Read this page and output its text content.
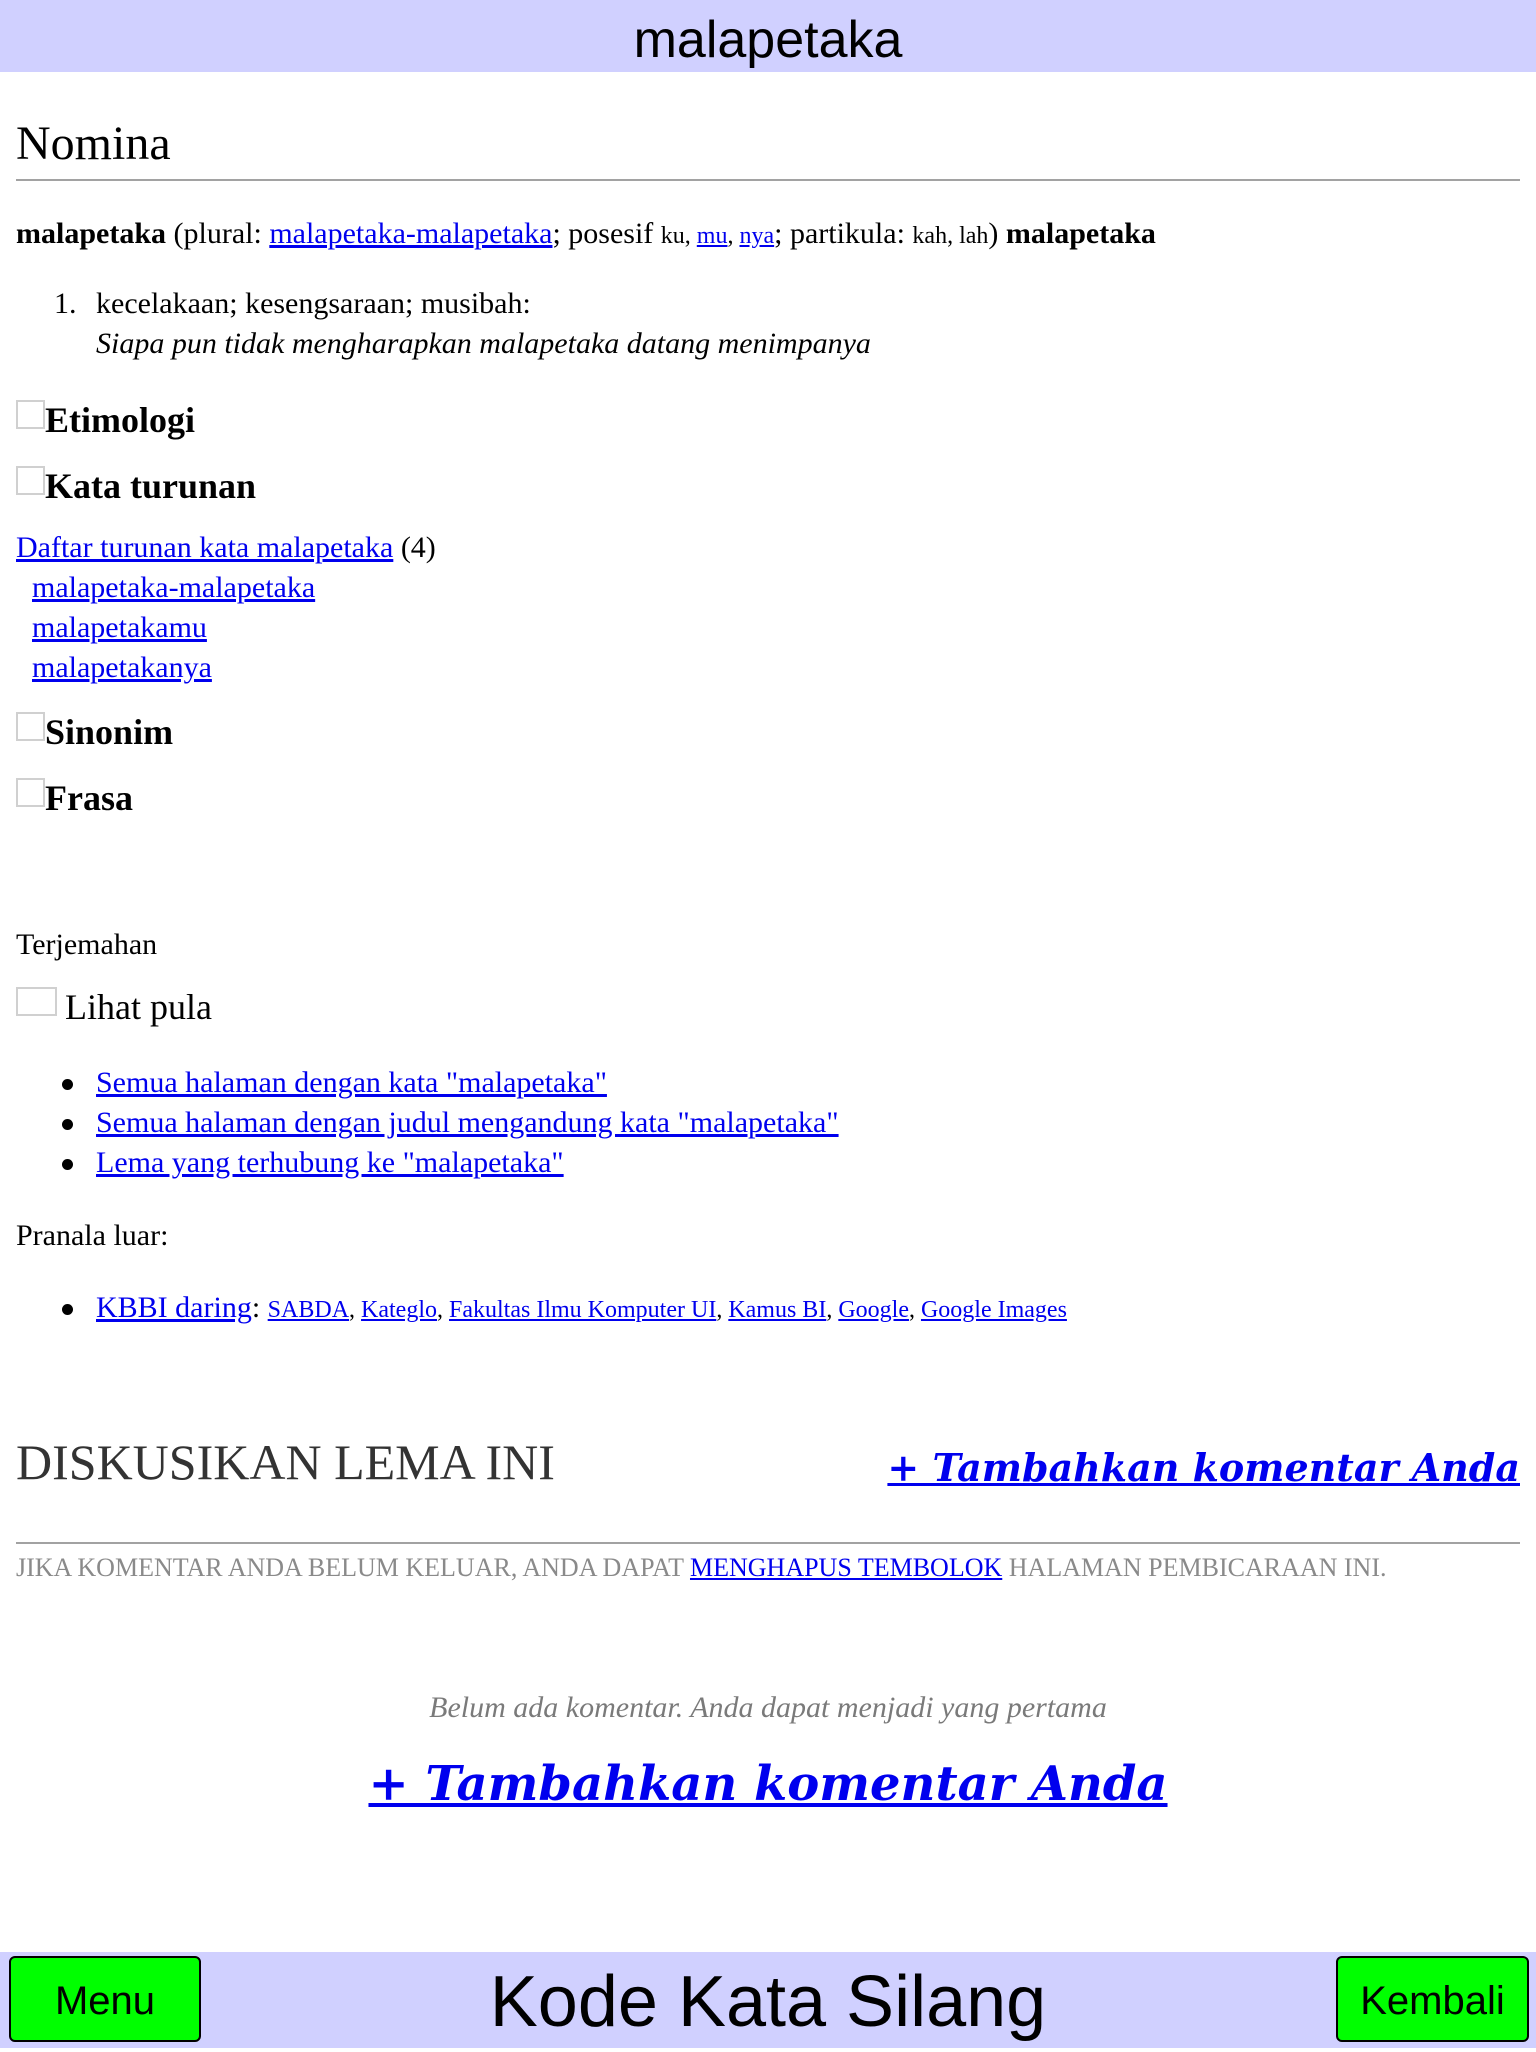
malapetaka
Nomina
malapetaka (plural: malapetaka-malapetaka; posesif ku, mu, nya; partikula: kah, lah) malapetaka
1. kecelakaan; kesengsaraan; musibah:
Siapa pun tidak mengharapkan malapetaka datang menimpanya
Etimologi
Kata turunan
Daftar turunan kata malapetaka (4)
malapetaka-malapetaka
malapetakamu
malapetakanya
Sinonim
Frasa
Terjemahan
Lihat pula
Semua halaman dengan kata "malapetaka"
Semua halaman dengan judul mengandung kata "malapetaka"
Lema yang terhubung ke "malapetaka"
Pranala luar:
KBBI daring: SABDA, Kateglo, Fakultas Ilmu Komputer UI, Kamus BI, Google, Google Images
DISKUSIKAN LEMA INI	+ Tambahkan komentar Anda
JIKA KOMENTAR ANDA BELUM KELUAR, ANDA DAPAT MENGHAPUS TEMBOLOK HALAMAN PEMBICARAAN INI.
Belum ada komentar. Anda dapat menjadi yang pertama
+ Tambahkan komentar Anda
Kode Kata Silang
Menu	Kembali
